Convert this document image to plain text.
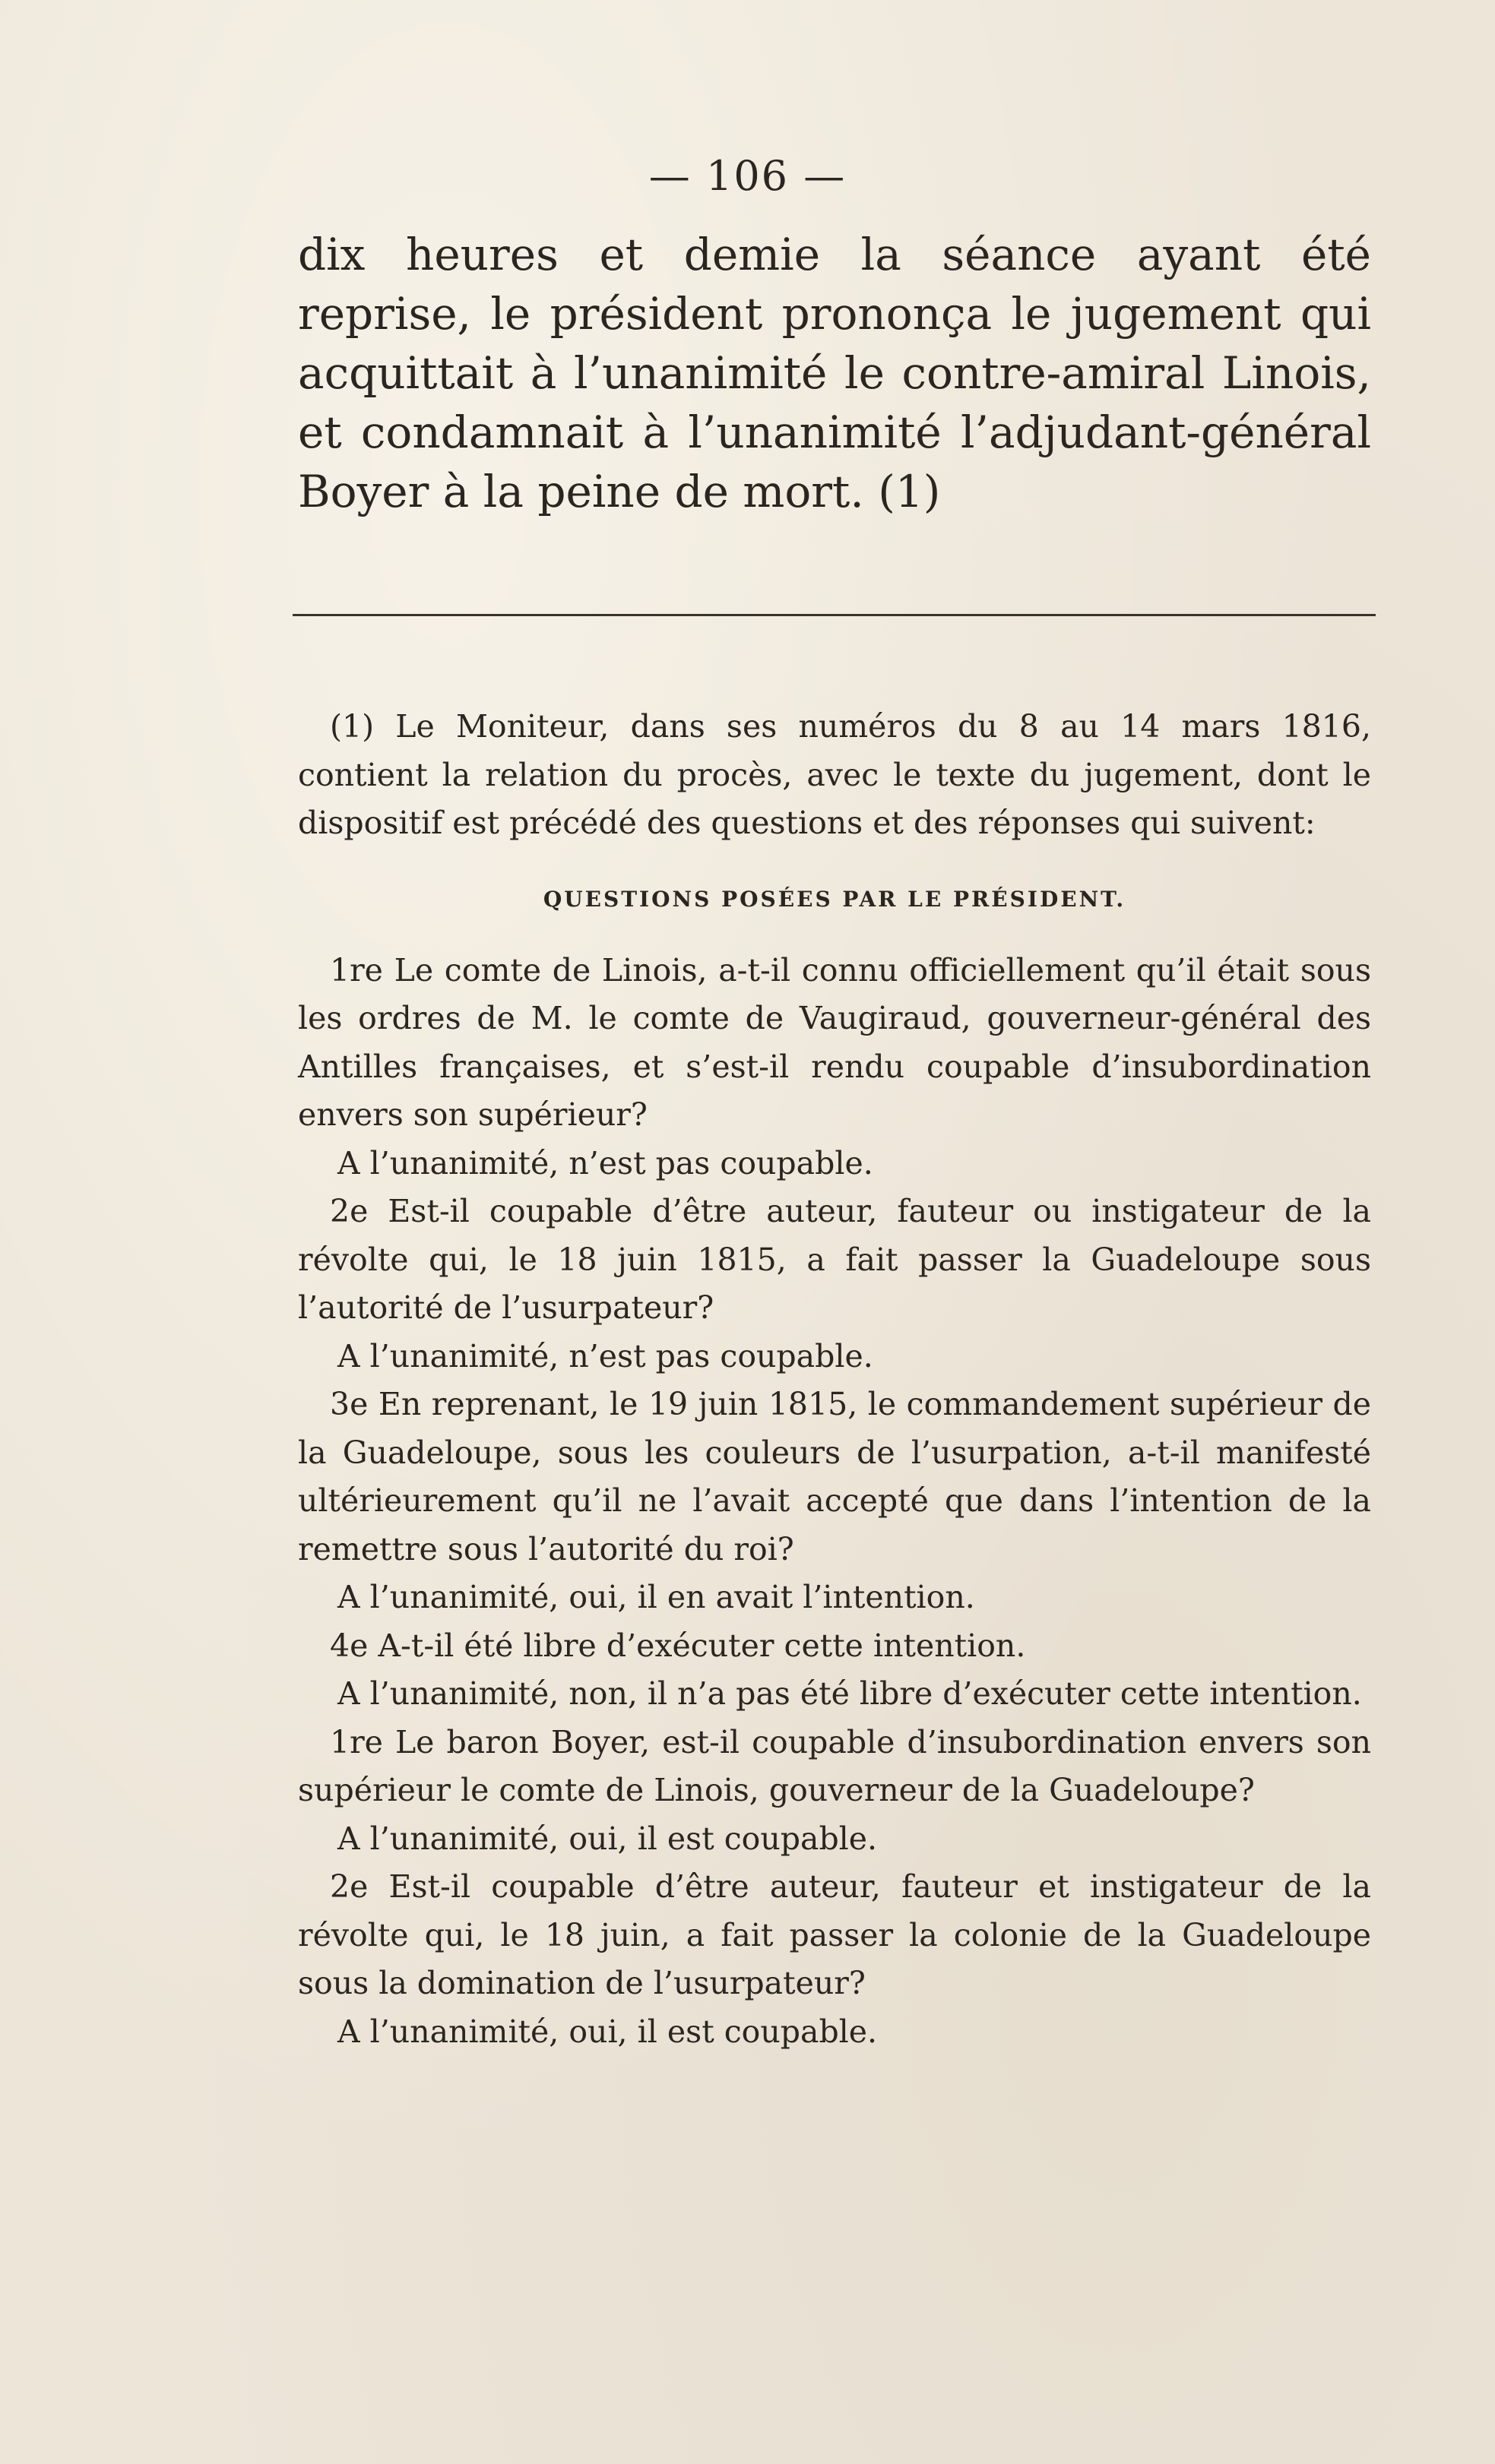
— 106 —

dix heures et demie la séance ayant été reprise, le président prononça le jugement qui acquittait à l’unanimité le contre-amiral Linois, et condamnait à l’unanimité l’adjudant-général Boyer à la peine de mort. (1)

(1) Le Moniteur, dans ses numéros du 8 au 14 mars 1816, contient la relation du procès, avec le texte du jugement, dont le dispositif est précédé des questions et des réponses qui suivent:

QUESTIONS POSÉES PAR LE PRÉSIDENT.

1re Le comte de Linois, a-t-il connu officiellement qu’il était sous les ordres de M. le comte de Vaugiraud, gouverneur-général des Antilles françaises, et s’est-il rendu coupable d’insubordination envers son supérieur?

A l’unanimité, n’est pas coupable.

2e Est-il coupable d’être auteur, fauteur ou instigateur de la révolte qui, le 18 juin 1815, a fait passer la Guadeloupe sous l’autorité de l’usurpateur?

A l’unanimité, n’est pas coupable.

3e En reprenant, le 19 juin 1815, le commandement supérieur de la Guadeloupe, sous les couleurs de l’usurpation, a-t-il manifesté ultérieurement qu’il ne l’avait accepté que dans l’intention de la remettre sous l’autorité du roi?

A l’unanimité, oui, il en avait l’intention.

4e A-t-il été libre d’exécuter cette intention.

A l’unanimité, non, il n’a pas été libre d’exécuter cette intention.

1re Le baron Boyer, est-il coupable d’insubordination envers son supérieur le comte de Linois, gouverneur de la Guadeloupe?

A l’unanimité, oui, il est coupable.

2e Est-il coupable d’être auteur, fauteur et instigateur de la révolte qui, le 18 juin, a fait passer la colonie de la Guadeloupe sous la domination de l’usurpateur?

A l’unanimité, oui, il est coupable.
